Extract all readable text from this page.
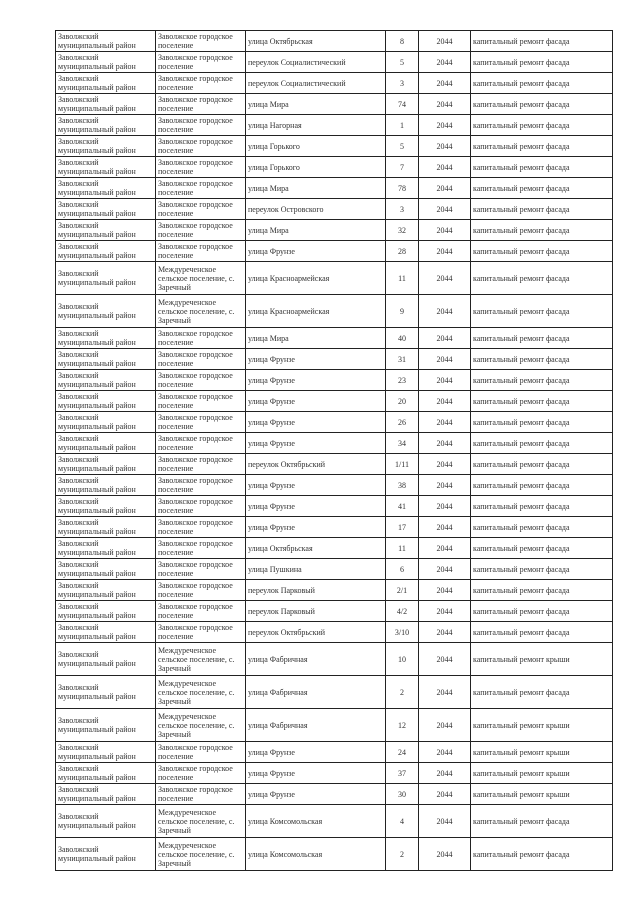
Заволжский муниципальный район	Заволжское городское поселение	улица Октябрьская	8	2044	капитальный ремонт фасада
Заволжский муниципальный район	Заволжское городское поселение	переулок Социалистический	5	2044	капитальный ремонт фасада
Заволжский муниципальный район	Заволжское городское поселение	переулок Социалистический	3	2044	капитальный ремонт фасада
Заволжский муниципальный район	Заволжское городское поселение	улица Мира	74	2044	капитальный ремонт фасада
Заволжский муниципальный район	Заволжское городское поселение	улица Нагорная	1	2044	капитальный ремонт фасада
Заволжский муниципальный район	Заволжское городское поселение	улица Горького	5	2044	капитальный ремонт фасада
Заволжский муниципальный район	Заволжское городское поселение	улица Горького	7	2044	капитальный ремонт фасада
Заволжский муниципальный район	Заволжское городское поселение	улица Мира	78	2044	капитальный ремонт фасада
Заволжский муниципальный район	Заволжское городское поселение	переулок Островского	3	2044	капитальный ремонт фасада
Заволжский муниципальный район	Заволжское городское поселение	улица Мира	32	2044	капитальный ремонт фасада
Заволжский муниципальный район	Заволжское городское поселение	улица Фрунзе	28	2044	капитальный ремонт фасада
Заволжский муниципальный район	Междуреченское сельское поселение, с. Заречный	улица Красноармейская	11	2044	капитальный ремонт фасада
Заволжский муниципальный район	Междуреченское сельское поселение, с. Заречный	улица Красноармейская	9	2044	капитальный ремонт фасада
Заволжский муниципальный район	Заволжское городское поселение	улица Мира	40	2044	капитальный ремонт фасада
Заволжский муниципальный район	Заволжское городское поселение	улица Фрунзе	31	2044	капитальный ремонт фасада
Заволжский муниципальный район	Заволжское городское поселение	улица Фрунзе	23	2044	капитальный ремонт фасада
Заволжский муниципальный район	Заволжское городское поселение	улица Фрунзе	20	2044	капитальный ремонт фасада
Заволжский муниципальный район	Заволжское городское поселение	улица Фрунзе	26	2044	капитальный ремонт фасада
Заволжский муниципальный район	Заволжское городское поселение	улица Фрунзе	34	2044	капитальный ремонт фасада
Заволжский муниципальный район	Заволжское городское поселение	переулок Октябрьский	1/11	2044	капитальный ремонт фасада
Заволжский муниципальный район	Заволжское городское поселение	улица Фрунзе	38	2044	капитальный ремонт фасада
Заволжский муниципальный район	Заволжское городское поселение	улица Фрунзе	41	2044	капитальный ремонт фасада
Заволжский муниципальный район	Заволжское городское поселение	улица Фрунзе	17	2044	капитальный ремонт фасада
Заволжский муниципальный район	Заволжское городское поселение	улица Октябрьская	11	2044	капитальный ремонт фасада
Заволжский муниципальный район	Заволжское городское поселение	улица Пушкина	6	2044	капитальный ремонт фасада
Заволжский муниципальный район	Заволжское городское поселение	переулок Парковый	2/1	2044	капитальный ремонт фасада
Заволжский муниципальный район	Заволжское городское поселение	переулок Парковый	4/2	2044	капитальный ремонт фасада
Заволжский муниципальный район	Заволжское городское поселение	переулок Октябрьский	3/10	2044	капитальный ремонт фасада
Заволжский муниципальный район	Междуреченское сельское поселение, с. Заречный	улица Фабричная	10	2044	капитальный ремонт крыши
Заволжский муниципальный район	Междуреченское сельское поселение, с. Заречный	улица Фабричная	2	2044	капитальный ремонт фасада
Заволжский муниципальный район	Междуреченское сельское поселение, с. Заречный	улица Фабричная	12	2044	капитальный ремонт крыши
Заволжский муниципальный район	Заволжское городское поселение	улица Фрунзе	24	2044	капитальный ремонт крыши
Заволжский муниципальный район	Заволжское городское поселение	улица Фрунзе	37	2044	капитальный ремонт крыши
Заволжский муниципальный район	Заволжское городское поселение	улица Фрунзе	30	2044	капитальный ремонт крыши
Заволжский муниципальный район	Междуреченское сельское поселение, с. Заречный	улица Комсомольская	4	2044	капитальный ремонт фасада
Заволжский муниципальный район	Междуреченское сельское поселение, с. Заречный	улица Комсомольская	2	2044	капитальный ремонт фасада
